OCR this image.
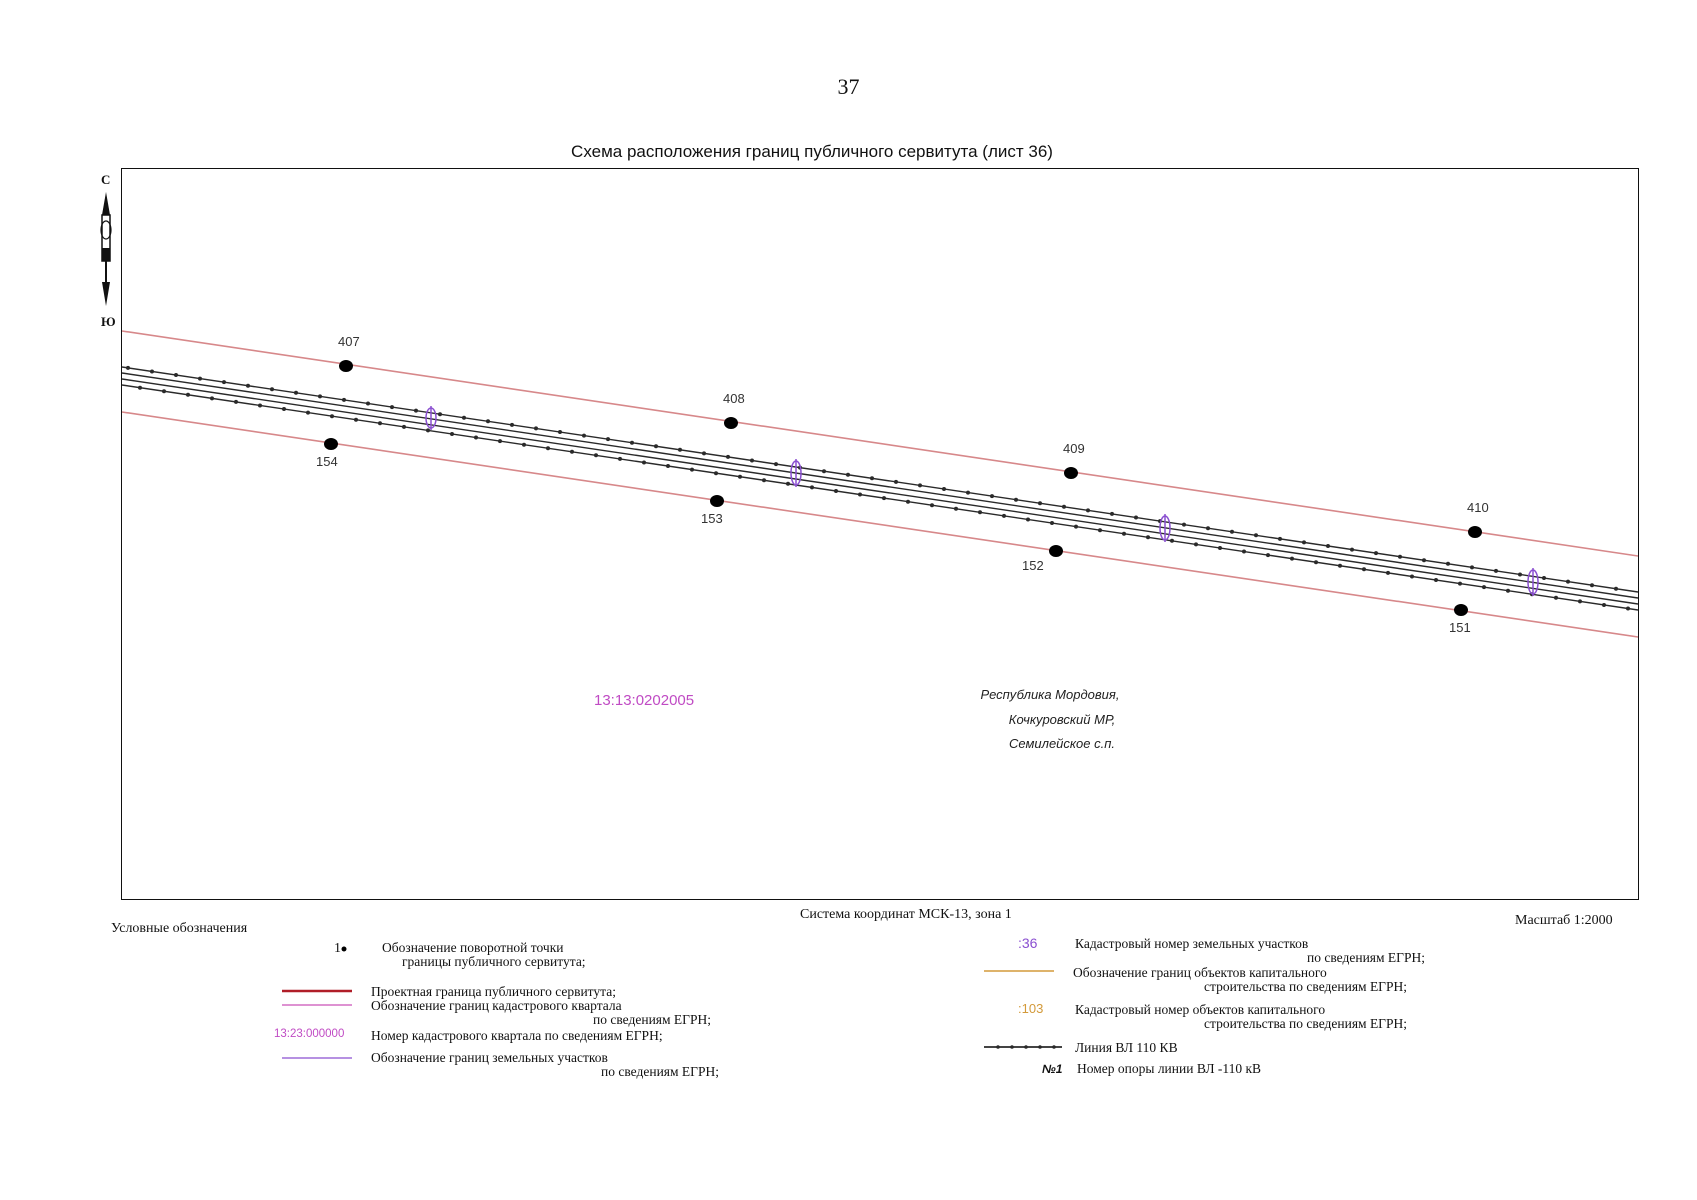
37
Схема расположения границ публичного сервитута (лист 36)
С
Ю
407
408
409
410
154
153
152
151
13:13:0202005	Республика Мордовия,
Кочкуровский МР,
Семилейское с.п.
Система координат МСК-13, зона 1	Масштаб 1:2000
Условные обозначения
1	Обозначение поворотной точки
границы публичного сервитута;
Проектная граница публичного сервитута;
Обозначение границ кадастрового квартала
по сведениям ЕГРН;
13:23:000000 Номер кадастрового квартала по сведениям ЕГРН;
Обозначение границ земельных участков
по сведениям ЕГРН;
:36	Кадастровый номер земельных участков
по сведениям ЕГРН;
Обозначение границ объектов капитального
строительства по сведениям ЕГРН;
:103 Кадастровый номер объектов капитального
строительства по сведениям ЕГРН;
Линия ВЛ 110 КВ
№1 Номер опоры линии ВЛ -110 кВ
